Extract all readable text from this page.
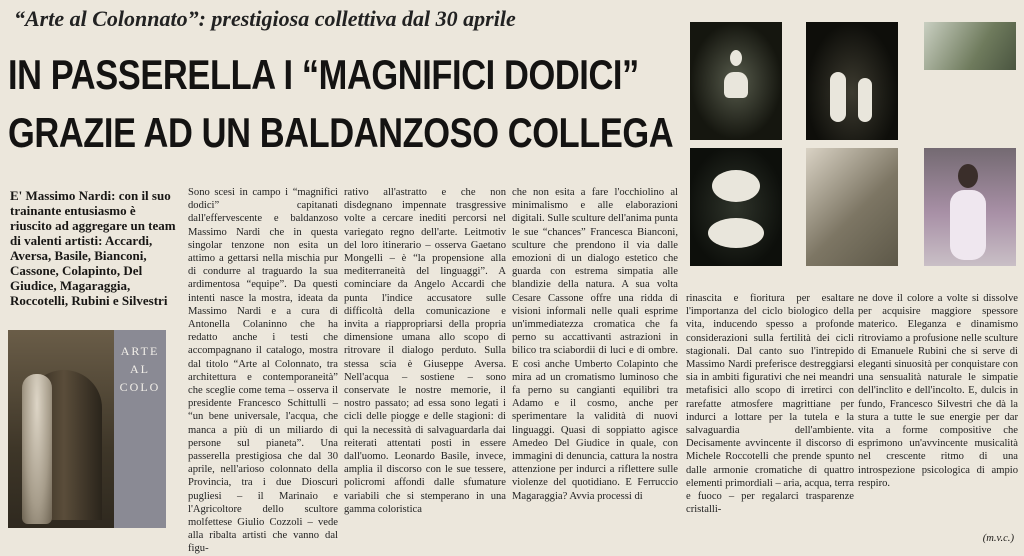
“Arte al Colonnato”: prestigiosa collettiva dal 30 aprile
IN PASSERELLA I “MAGNIFICI DODICI”
GRAZIE AD UN BALDANZOSO COLLEGA

E' Massimo Nardi: con il suo trainante entusiasmo è riuscito ad aggregare un team di valenti artisti: Accardi, Aversa, Basile, Bianconi, Cassone, Colapinto, Del Giudice, Magaraggia, Roccotelli, Rubini e Silvestri

ARTE AL COLO

Sono scesi in campo i “magnifici dodici” capitanati dall'effervescente e baldanzoso Massimo Nardi che in questa singolar tenzone non esita un attimo a gettarsi nella mischia pur di condurre al traguardo la sua ardimentosa “equipe”. Da questi intenti nasce la mostra, ideata da Massimo Nardi e a cura di Antonella Colaninno che ha redatto anche i testi che accompagnano il catalogo, mostra dal titolo “Arte al Colonnato, tra architettura e contemporaneità” che sceglie come tema – osserva il presidente Francesco Schittulli – “un bene universale, l'acqua, che manca a più di un miliardo di persone sul pianeta”. Una passerella prestigiosa che dal 30 aprile, nell'arioso colonnato della Provincia, tra i due Dioscuri pugliesi – il Marinaio e l'Agricoltore dello scultore molfettese Giulio Cozzoli – vede alla ribalta artisti che vanno dal figu-

rativo all'astratto e che non disdegnano impennate trasgressive volte a cercare inediti percorsi nel variegato regno dell'arte. Leitmotiv del loro itinerario – osserva Gaetano Mongelli – è “la propensione alla mediterraneità del linguaggi”. A cominciare da Angelo Accardi che punta l'indice accusatore sulle difficoltà della comunicazione e invita a riappropriarsi della propria dimensione umana allo scopo di ritrovare il dialogo perduto. Sulla stessa scia è Giuseppe Aversa. Nell'acqua – sostiene – sono conservate le nostre memorie, il nostro passato; ad essa sono legati i cicli delle piogge e delle stagioni: di qui la necessità di salvaguardarla dai reiterati attentati posti in essere dall'uomo. Leonardo Basile, invece, amplia il discorso con le sue tessere, policromi affondi dalle sfumature variabili che si stemperano in una gamma coloristica

che non esita a fare l'occhiolino al minimalismo e alle elaborazioni digitali. Sulle sculture dell'anima punta le sue “chances” Francesca Bianconi, sculture che prendono il via dalle emozioni di un dialogo estetico che guarda con estrema simpatia alle blandizie della natura. A sua volta Cesare Cassone offre una ridda di visioni informali nelle quali esprime un'immediatezza cromatica che fa perno su accattivanti astrazioni in bilico tra sciabordii di luci e di ombre. E così anche Umberto Colapinto che mira ad un cromatismo luminoso che fa perno su cangianti equilibri tra Adamo e il cosmo, anche per sperimentare la validità di nuovi linguaggi. Quasi di soppiatto agisce Amedeo Del Giudice in quale, con immagini di denuncia, cattura la nostra attenzione per indurci a riflettere sulle violenze del quotidiano. E Ferruccio Magaraggia? Avvia processi di

rinascita e fioritura per esaltare l'importanza del ciclo biologico della vita, inducendo spesso a profonde considerazioni sulla fertilità dei cicli stagionali. Dal canto suo l'intrepido Massimo Nardi preferisce destreggiarsi sia in ambiti figurativi che nei meandri metafisici allo scopo di irretirci con rarefatte atmosfere magrittiane per indurci a lottare per la tutela e la salvaguardia dell'ambiente. Decisamente avvincente il discorso di Michele Roccotelli che prende spunto dalle armonie cromatiche di quattro elementi primordiali – aria, acqua, terra e fuoco – per regalarci trasparenze cristalli-

ne dove il colore a volte si dissolve per acquisire maggiore spessore materico. Eleganza e dinamismo ritroviamo a profusione nelle sculture di Emanuele Rubini che si serve di eleganti sinuosità per conquistare con una sensualità naturale le simpatie dell'inclito e dell'incolto. E, dulcis in fundo, Francesco Silvestri che dà la stura a tutte le sue energie per dar vita a forme compositive che esprimono un'avvincente musicalità nel crescente ritmo di una introspezione psicologica di ampio respiro.

(m.v.c.)
